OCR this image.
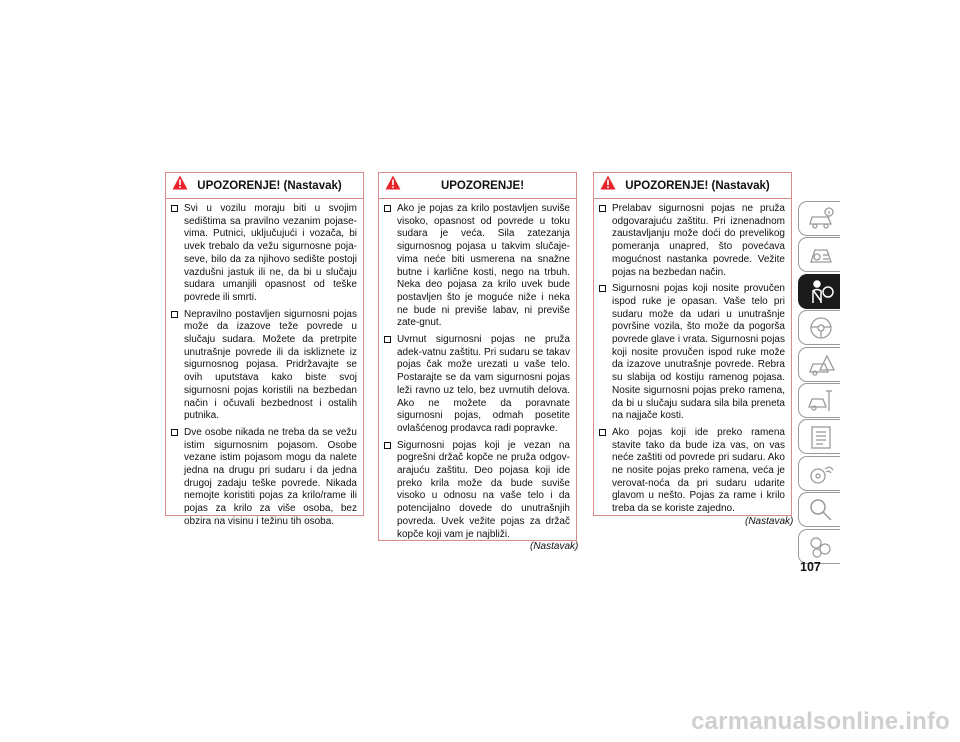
UPOZORENJE! (Nastavak)

Svi u vozilu moraju biti u svojim sedištima sa pravilno vezanim pojase-vima. Putnici, uključujući i vozača, bi uvek trebalo da vežu sigurnosne poja-seve, bilo da za njihovo sedište postoji vazdušni jastuk ili ne, da bi u slučaju sudara umanjili opasnost od teške povrede ili smrti.

Nepravilno postavljen sigurnosni pojas može da izazove teže povrede u slučaju sudara. Možete da pretrpite unutrašnje povrede ili da iskliznete iz sigurnosnog pojasa. Pridržavajte se ovih uputstava kako biste svoj sigurnosni pojas koristili na bezbedan način i očuvali bezbednost i ostalih putnika.

Dve osobe nikada ne treba da se vežu istim sigurnosnim pojasom. Osobe vezane istim pojasom mogu da nalete jedna na drugu pri sudaru i da jedna drugoj zadaju teške povrede. Nikada nemojte koristiti pojas za krilo/rame ili pojas za krilo za više osoba, bez obzira na visinu i težinu tih osoba.

UPOZORENJE!

Ako je pojas za krilo postavljen suviše visoko, opasnost od povrede u toku sudara je veća. Sila zatezanja sigurnosnog pojasa u takvim slučaje-vima neće biti usmerena na snažne butne i karlične kosti, nego na trbuh. Neka deo pojasa za krilo uvek bude postavljen što je moguće niže i neka ne bude ni previše labav, ni previše zate-gnut.

Uvrnut sigurnosni pojas ne pruža adek-vatnu zaštitu. Pri sudaru se takav pojas čak može urezati u vaše telo. Postarajte se da vam sigurnosni pojas leži ravno uz telo, bez uvrnutih delova. Ako ne možete da poravnate sigurnosni pojas, odmah posetite ovlašćenog prodavca radi popravke.

Sigurnosni pojas koji je vezan na pogrešni držač kopče ne pruža odgov-arajuću zaštitu. Deo pojasa koji ide preko krila može da bude suviše visoko u odnosu na vaše telo i da potencijalno dovede do unutrašnjih povreda. Uvek vežite pojas za držač kopče koji vam je najbliži.

(Nastavak)
UPOZORENJE! (Nastavak)

Prelabav sigurnosni pojas ne pruža odgovarajuću zaštitu. Pri iznenadnom zaustavljanju može doći do prevelikog pomeranja unapred, što povećava mogućnost nastanka povrede. Vežite pojas na bezbedan način.

Sigurnosni pojas koji nosite provučen ispod ruke je opasan. Vaše telo pri sudaru može da udari u unutrašnje površine vozila, što može da pogorša povrede glave i vrata. Sigurnosni pojas koji nosite provučen ispod ruke može da izazove unutrašnje povrede. Rebra su slabija od kostiju ramenog pojasa. Nosite sigurnosni pojas preko ramena, da bi u slučaju sudara sila bila preneta na najjače kosti.

Ako pojas koji ide preko ramena stavite tako da bude iza vas, on vas neće zaštiti od povrede pri sudaru. Ako ne nosite pojas preko ramena, veća je verovat-noća da pri sudaru udarite glavom u nešto. Pojas za rame i krilo treba da se koriste zajedno.

(Nastavak)
107
carmanualsonline.info
